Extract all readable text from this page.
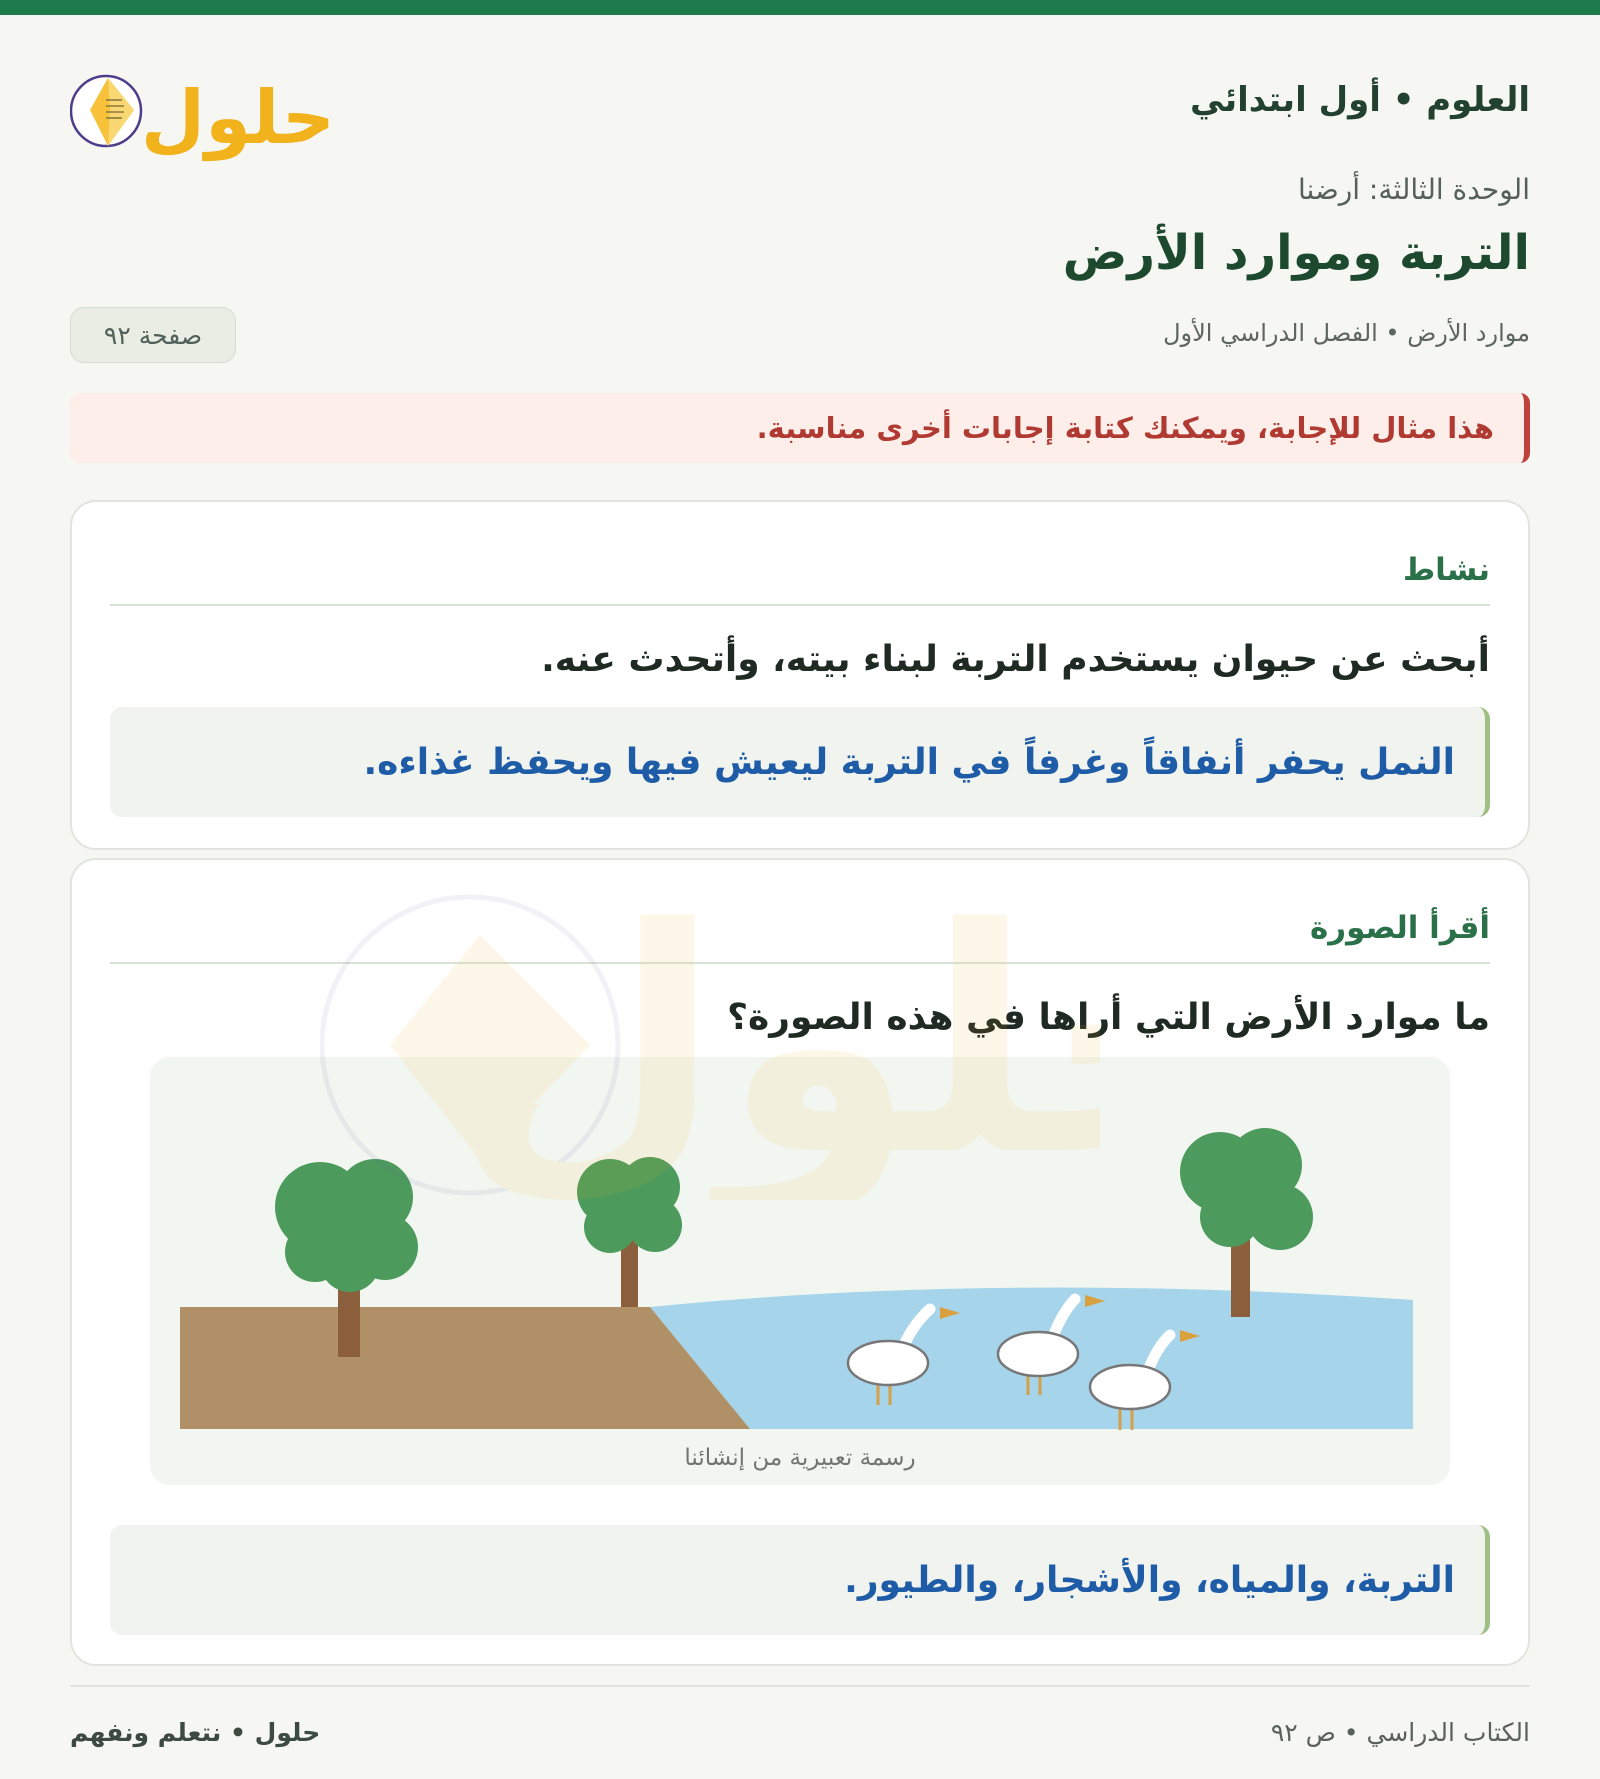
العلوم • أول ابتدائي
حلول
الوحدة الثالثة: أرضنا
التربة وموارد الأرض
موارد الأرض • الفصل الدراسي الأول
صفحة ٩٢
هذا مثال للإجابة، ويمكنك كتابة إجابات أخرى مناسبة.
نشاط
أبحث عن حيوان يستخدم التربة لبناء بيته، وأتحدث عنه.
النمل يحفر أنفاقاً وغرفاً في التربة ليعيش فيها ويحفظ غذاءه.
أقرأ الصورة
ما موارد الأرض التي أراها في هذه الصورة؟
رسمة تعبيرية من إنشائنا
التربة، والمياه، والأشجار، والطيور.
الكتاب الدراسي • ص ٩٢
حلول • نتعلم ونفهم
